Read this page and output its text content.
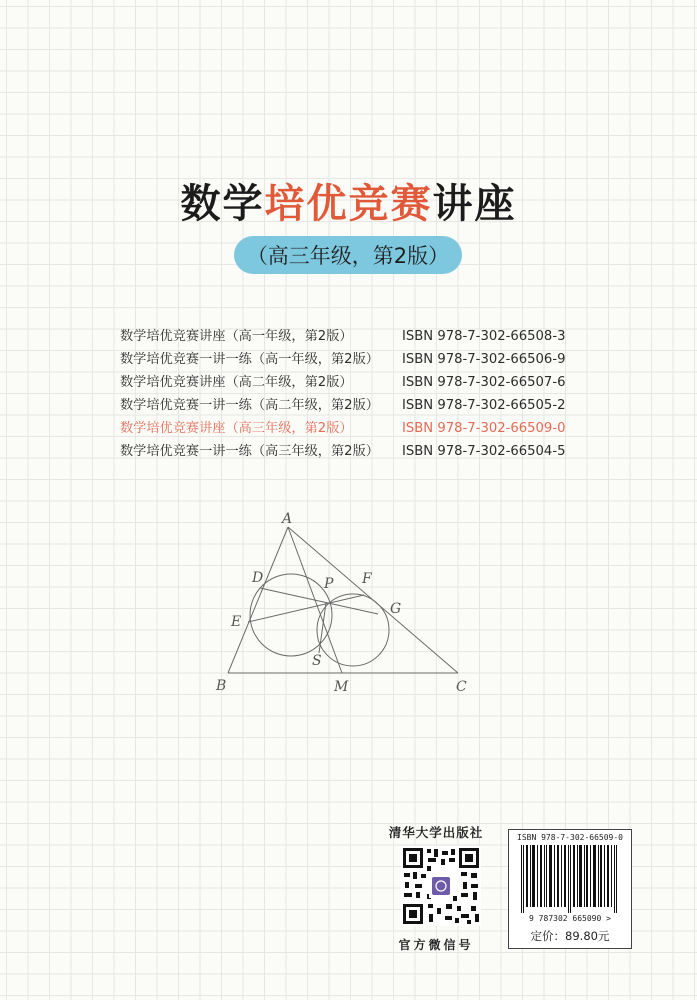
数学培优竞赛讲座
（高三年级，第2版）
数学培优竞赛讲座（高一年级，第2版）	ISBN 978-7-302-66508-3
数学培优竞赛一讲一练（高一年级，第2版） ISBN 978-7-302-66506-9
数学培优竞赛讲座（高二年级，第2版）	ISBN 978-7-302-66507-6
数学培优竞赛一讲一练（高二年级，第2版） ISBN 978-7-302-66505-2
数学培优竞赛讲座（高三年级，第2版）	ISBN 978-7-302-66509-0
数学培优竞赛一讲一练（高三年级，第2版） ISBN 978-7-302-66504-5
A
D	P F
G
E
S
B	M	C
清华大学出版社
官方微信号
ISBN 978-7-302-66509-0
9 787302 665090 >
定价：89.80元
